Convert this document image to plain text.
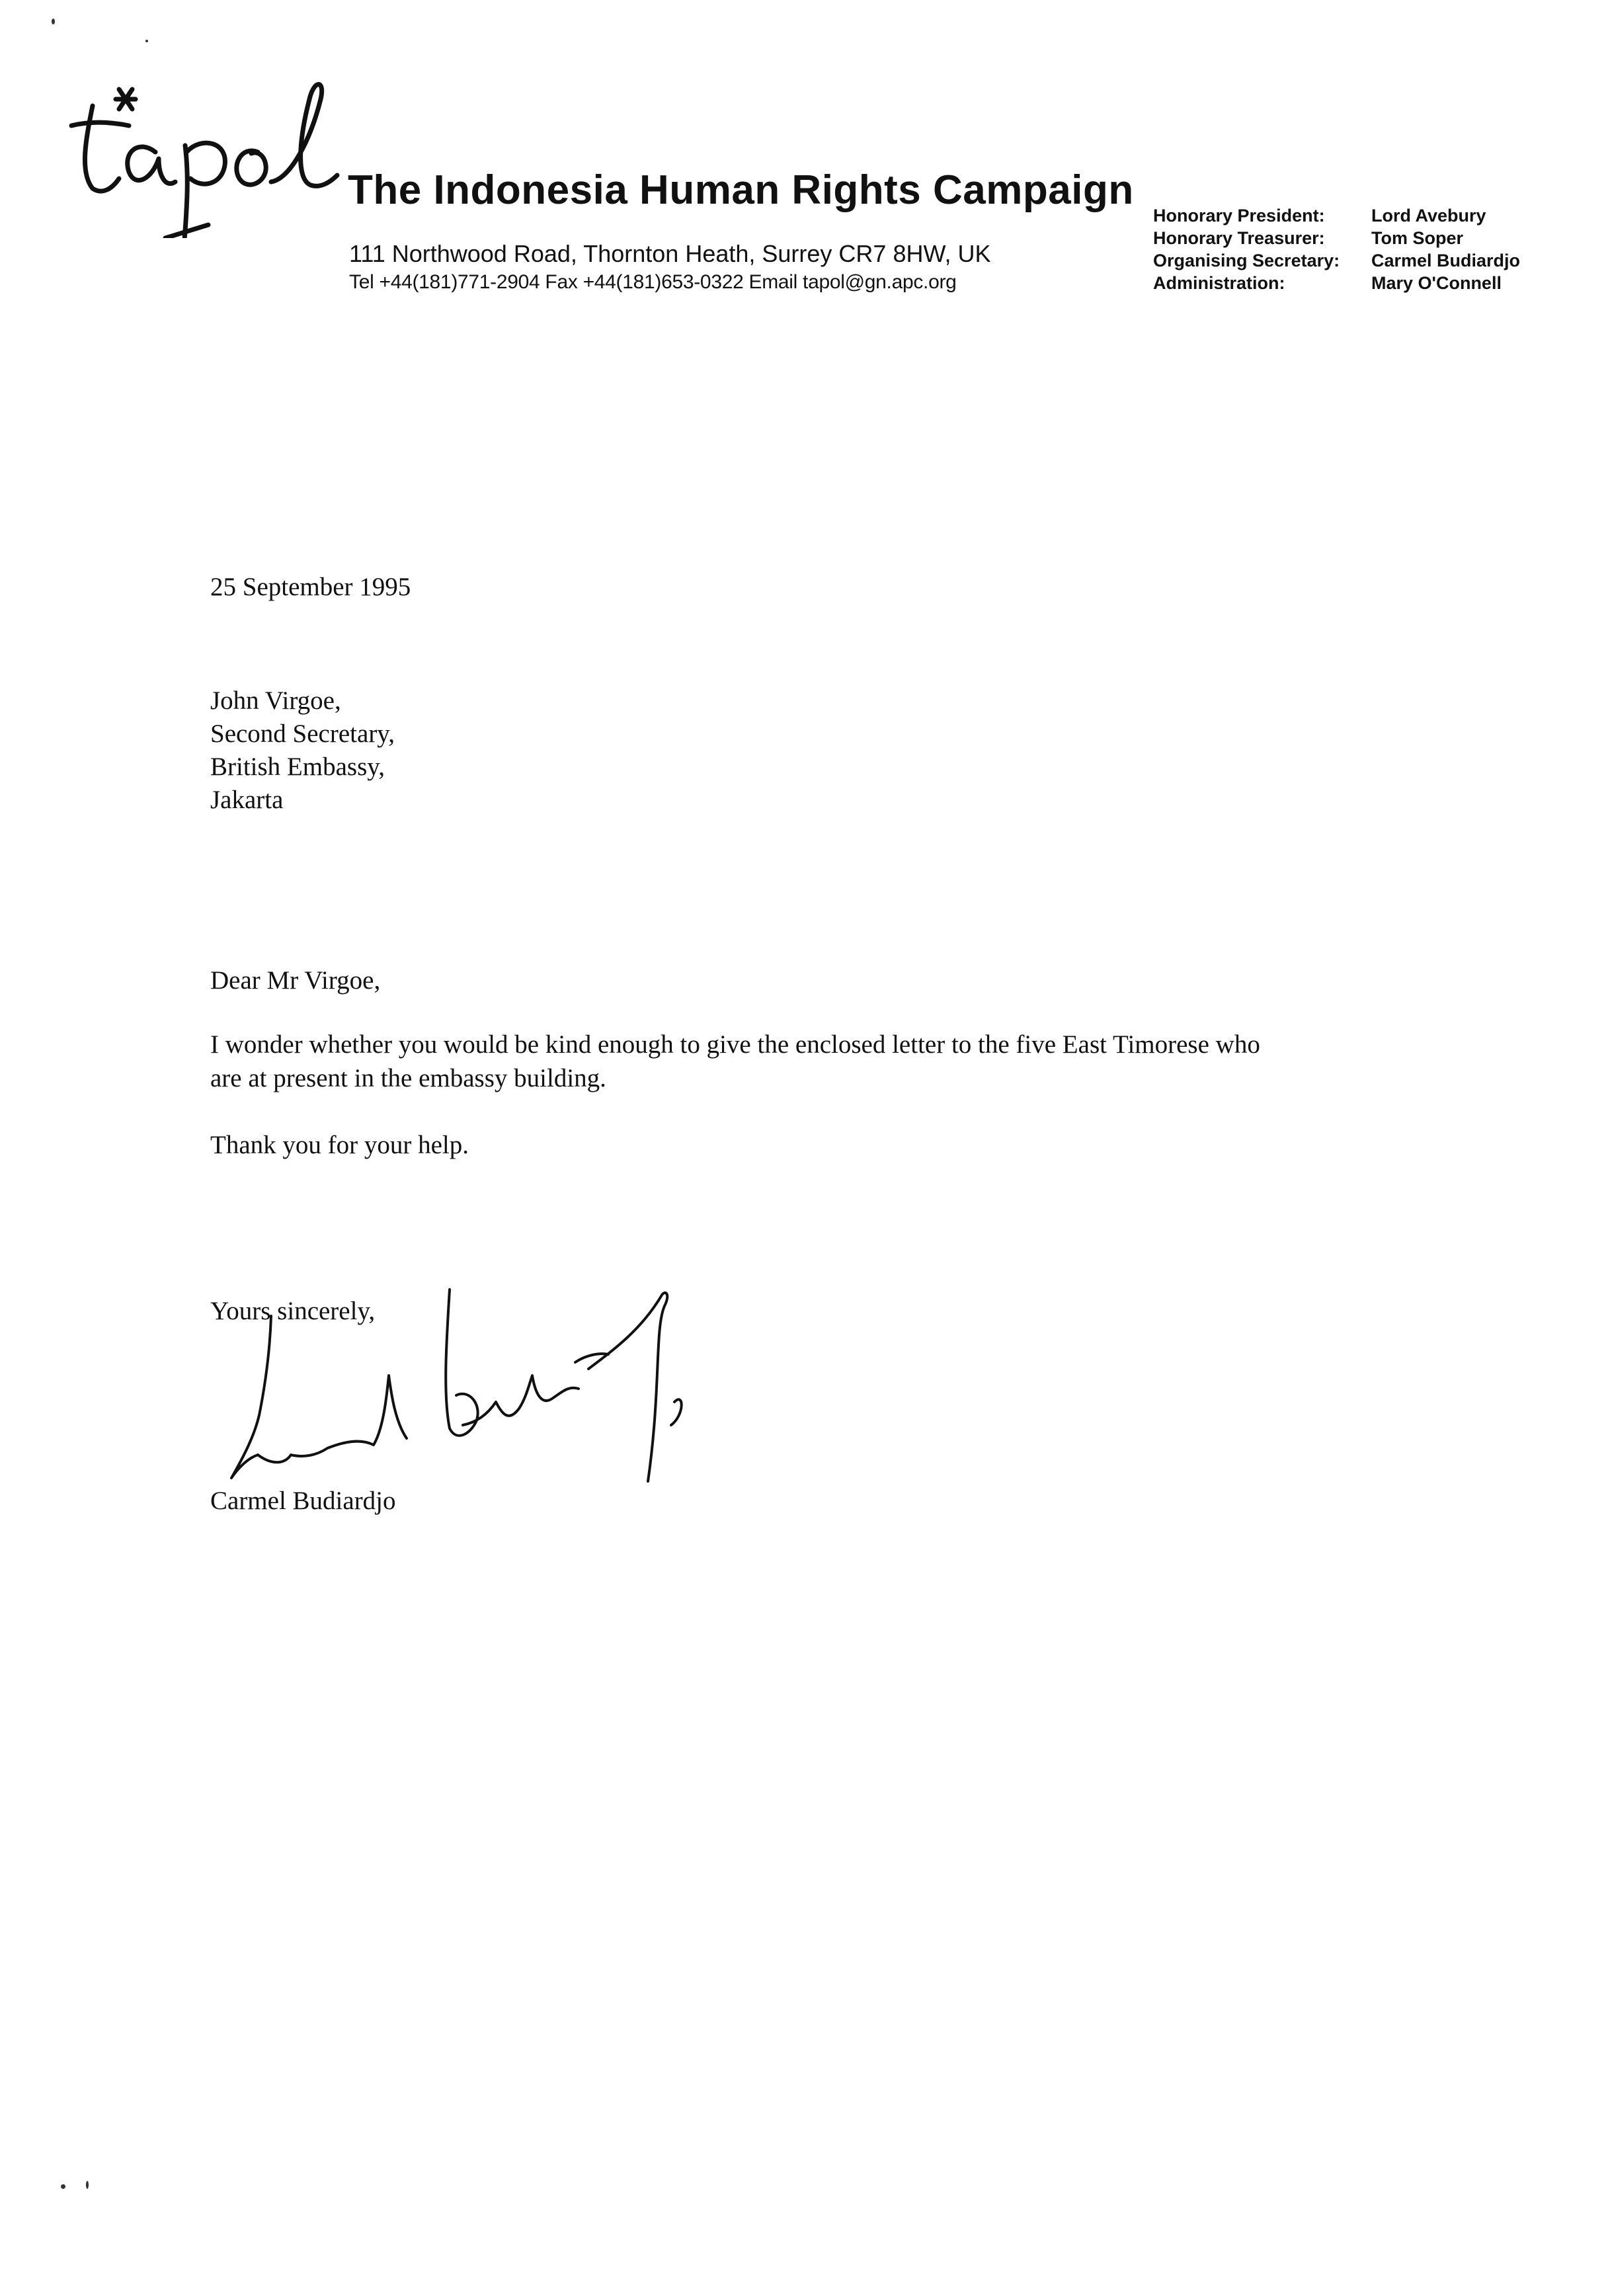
The Indonesia Human Rights Campaign
111 Northwood Road, Thornton Heath, Surrey CR7 8HW, UK
Tel +44(181)771-2904 Fax +44(181)653-0322 Email tapol@gn.apc.org
Honorary President:	Lord Avebury
Honorary Treasurer:	Tom Soper
Organising Secretary: Carmel Budiardjo
Administration:	Mary O'Connell
25 September 1995
John Virgoe,
Second Secretary,
British Embassy,
Jakarta
Dear Mr Virgoe,
I wonder whether you would be kind enough to give the enclosed letter to the five East Timorese who
are at present in the embassy building.
Thank you for your help.
Yours sincerely,
Carmel Budiardjo
